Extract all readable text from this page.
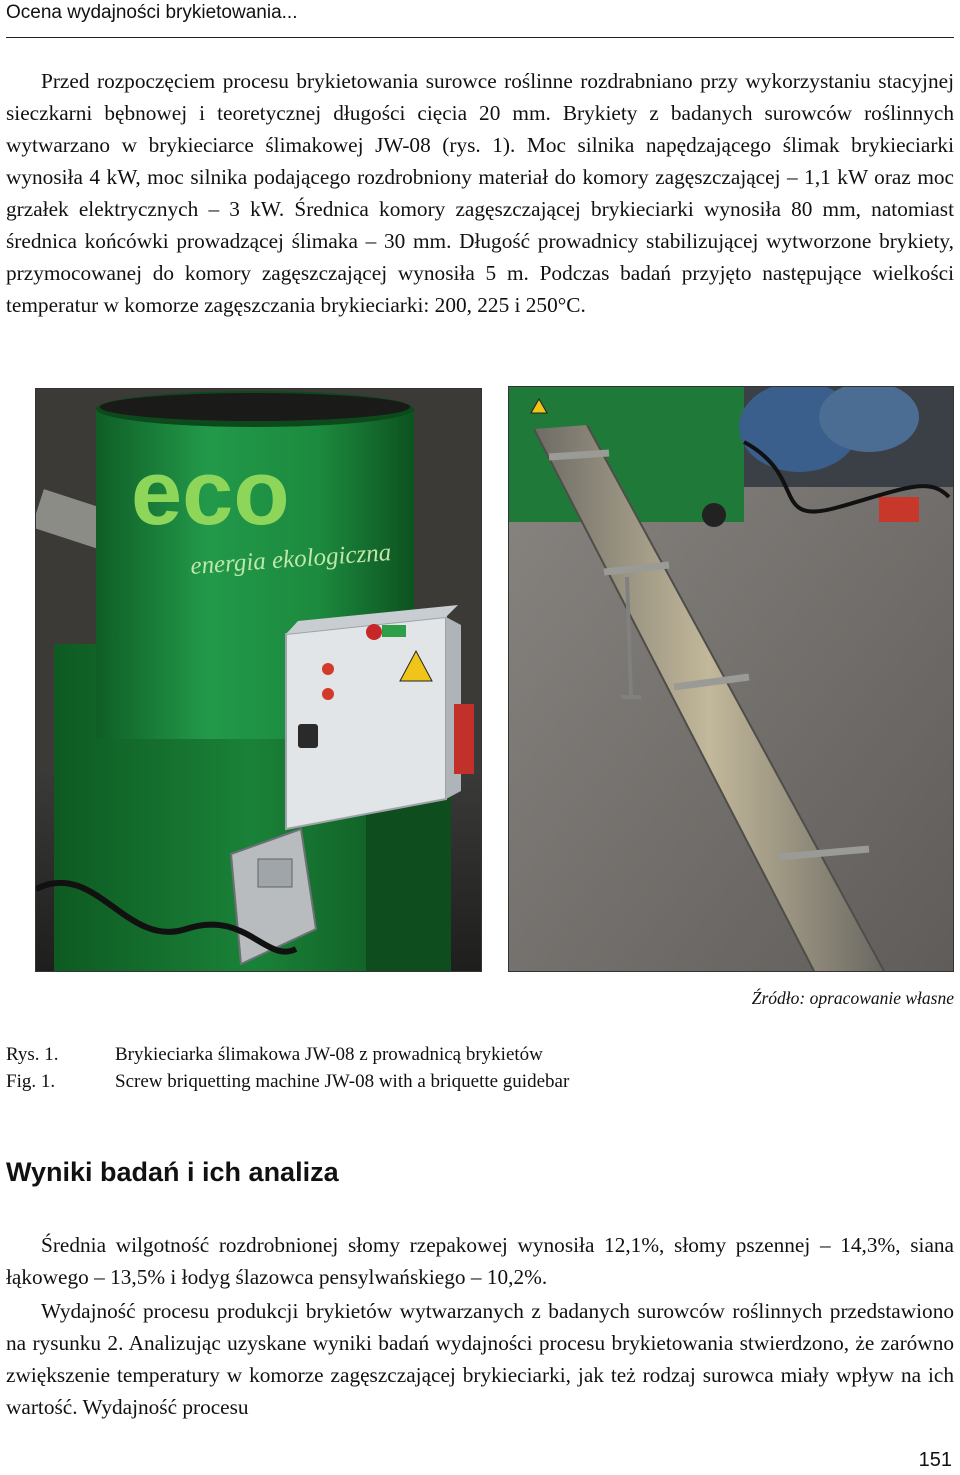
Ocena wydajności brykietowania...

Przed rozpoczęciem procesu brykietowania surowce roślinne rozdrabniano przy wykorzystaniu stacyjnej sieczkarni bębnowej i teoretycznej długości cięcia 20 mm. Brykiety z badanych surowców roślinnych wytwarzano w brykieciarce ślimakowej JW-08 (rys. 1). Moc silnika napędzającego ślimak brykieciarki wynosiła 4 kW, moc silnika podającego rozdrobniony materiał do komory zagęszczającej – 1,1 kW oraz moc grzałek elektrycznych – 3 kW. Średnica komory zagęszczającej brykieciarki wynosiła 80 mm, natomiast średnica końcówki prowadzącej ślimaka – 30 mm. Długość prowadnicy stabilizującej wytworzone brykiety, przymocowanej do komory zagęszczającej wynosiła 5 m. Podczas badań przyjęto następujące wielkości temperatur w komorze zagęszczania brykieciarki: 200, 225 i 250°C.

eco
energia ekologiczna
Źródło: opracowanie własne
Rys. 1.	Brykieciarka ślimakowa JW-08 z prowadnicą brykietów
Fig. 1.	Screw briquetting machine JW-08 with a briquette guidebar
Wyniki badań i ich analiza

Średnia wilgotność rozdrobnionej słomy rzepakowej wynosiła 12,1%, słomy pszennej – 14,3%, siana łąkowego – 13,5% i łodyg ślazowca pensylwańskiego – 10,2%.

Wydajność procesu produkcji brykietów wytwarzanych z badanych surowców roślinnych przedstawiono na rysunku 2. Analizując uzyskane wyniki badań wydajności procesu brykietowania stwierdzono, że zarówno zwiększenie temperatury w komorze zagęszczającej brykieciarki, jak też rodzaj surowca miały wpływ na ich wartość. Wydajność procesu

151
